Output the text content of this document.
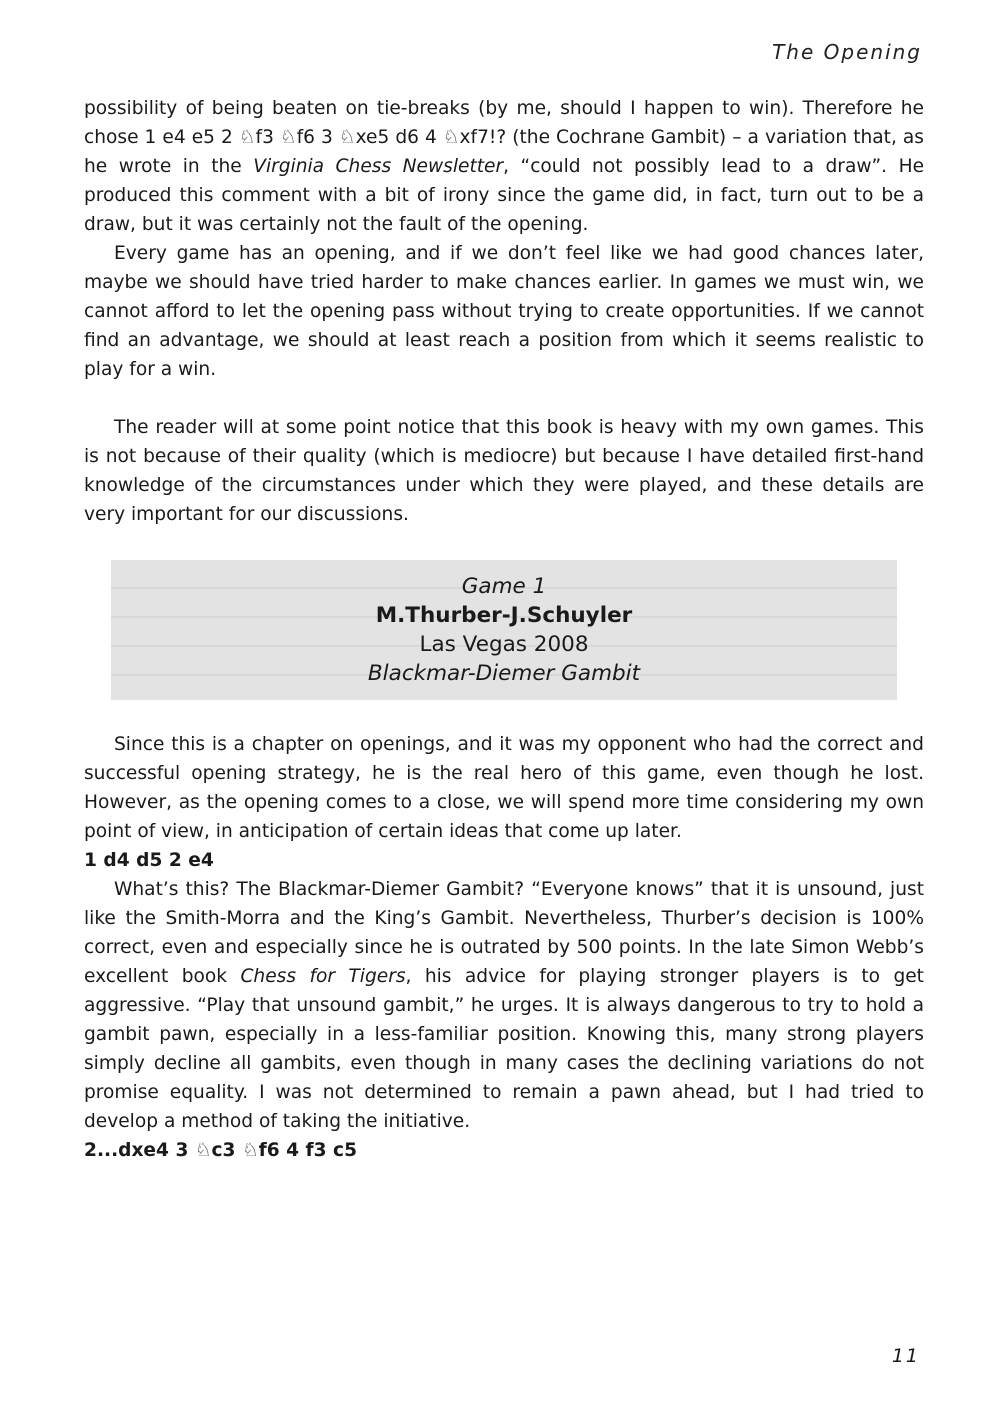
The Opening

possibility of being beaten on tie-breaks (by me, should I happen to win). Therefore he chose 1 e4 e5 2 ♘f3 ♘f6 3 ♘xe5 d6 4 ♘xf7!? (the Cochrane Gambit) – a variation that, as he wrote in the Virginia Chess Newsletter, “could not possibly lead to a draw”. He produced this comment with a bit of irony since the game did, in fact, turn out to be a draw, but it was certainly not the fault of the opening.

Every game has an opening, and if we don’t feel like we had good chances later, maybe we should have tried harder to make chances earlier. In games we must win, we cannot afford to let the opening pass without trying to create opportunities. If we cannot find an advantage, we should at least reach a position from which it seems realistic to play for a win.

The reader will at some point notice that this book is heavy with my own games. This is not because of their quality (which is mediocre) but because I have detailed first-hand knowledge of the circumstances under which they were played, and these details are very important for our discussions.

Game 1
M.Thurber-J.Schuyler
Las Vegas 2008
Blackmar-Diemer Gambit

Since this is a chapter on openings, and it was my opponent who had the correct and successful opening strategy, he is the real hero of this game, even though he lost. However, as the opening comes to a close, we will spend more time considering my own point of view, in anticipation of certain ideas that come up later.

1 d4 d5 2 e4

What’s this? The Blackmar-Diemer Gambit? “Everyone knows” that it is unsound, just like the Smith-Morra and the King’s Gambit. Nevertheless, Thurber’s decision is 100% correct, even and especially since he is outrated by 500 points. In the late Simon Webb’s excellent book Chess for Tigers, his advice for playing stronger players is to get aggressive. “Play that unsound gambit,” he urges. It is always dangerous to try to hold a gambit pawn, especially in a less-familiar position. Knowing this, many strong players simply decline all gambits, even though in many cases the declining variations do not promise equality. I was not determined to remain a pawn ahead, but I had tried to develop a method of taking the initiative.

2...dxe4 3 ♘c3 ♘f6 4 f3 c5

11
